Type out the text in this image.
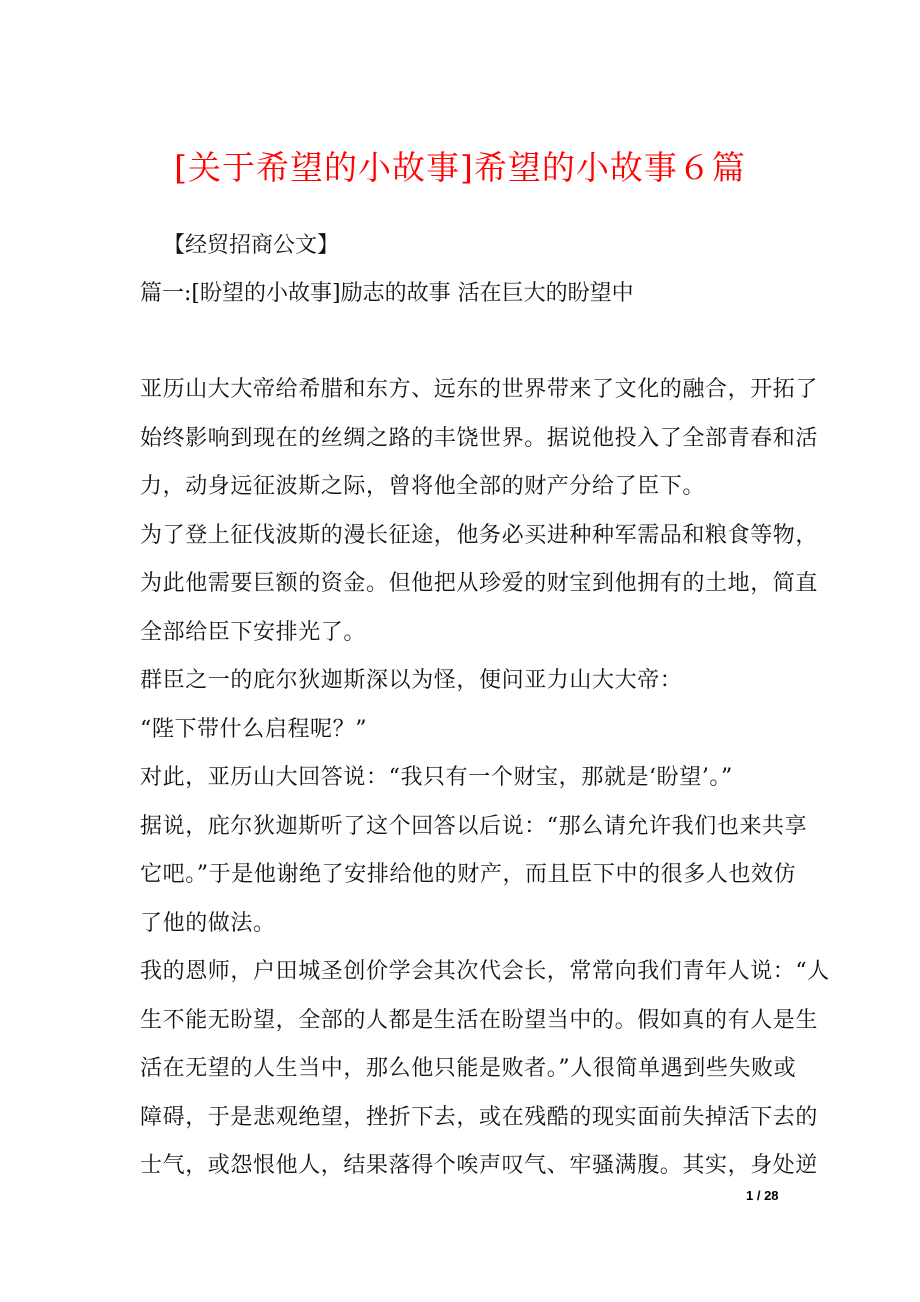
[关于希望的小故事]希望的小故事６篇
【经贸招商公文】
篇一:[盼望的小故事]励志的故事 活在巨大的盼望中
亚历山大大帝给希腊和东方、远东的世界带来了文化的融合，开拓了
始终影响到现在的丝绸之路的丰饶世界。据说他投入了全部青春和活
力，动身远征波斯之际，曾将他全部的财产分给了臣下。
为了登上征伐波斯的漫长征途，他务必买进种种军需品和粮食等物，
为此他需要巨额的资金。但他把从珍爱的财宝到他拥有的土地，简直
全部给臣下安排光了。
群臣之一的庇尔狄迦斯深以为怪，便问亚力山大大帝：
“陛下带什么启程呢？”
对此，亚历山大回答说：“我只有一个财宝，那就是‘盼望’。”
据说，庇尔狄迦斯听了这个回答以后说：“那么请允许我们也来共享
它吧。”于是他谢绝了安排给他的财产，而且臣下中的很多人也效仿
了他的做法。
我的恩师，户田城圣创价学会其次代会长，常常向我们青年人说：“人
生不能无盼望，全部的人都是生活在盼望当中的。假如真的有人是生
活在无望的人生当中，那么他只能是败者。”人很简单遇到些失败或
障碍，于是悲观绝望，挫折下去，或在残酷的现实面前失掉活下去的
士气，或怨恨他人，结果落得个唉声叹气、牢骚满腹。其实，身处逆
1 / 28
